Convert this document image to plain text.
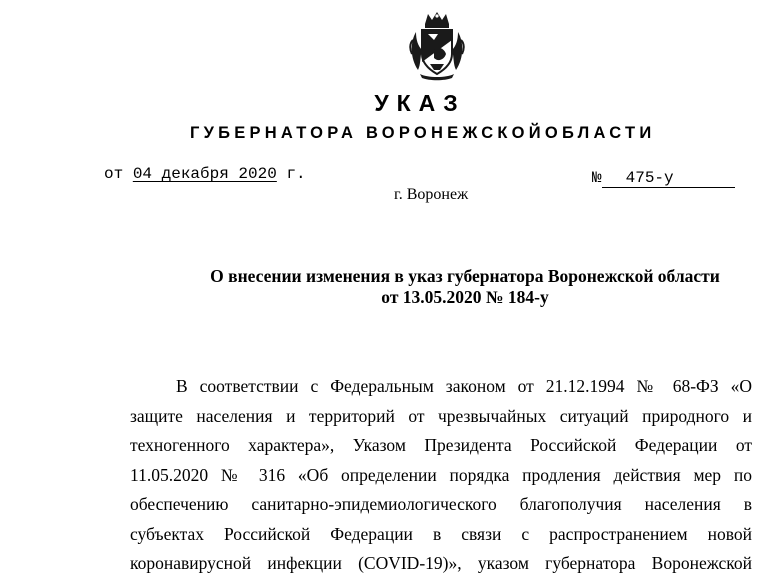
УКАЗ
ГУБЕРНАТОРА ВОРОНЕЖСКОЙОБЛАСТИ
от 04 декабря 2020 г.	№ 475-у
г. Воронеж
О внесении изменения в указ губернатора Воронежской области
от 13.05.2020 № 184-у
В соответствии с Федеральным законом от 21.12.1994 № 68-ФЗ «О
защите населения и территорий от чрезвычайных ситуаций природного и
техногенного характера», Указом Президента Российской Федерации от
11.05.2020 № 316 «Об определении порядка продления действия мер по
обеспечению санитарно-эпидемиологического благополучия населения в
субъектах Российской Федерации в связи с распространением новой
коронавирусной инфекции (COVID-19)», указом губернатора Воронежской
